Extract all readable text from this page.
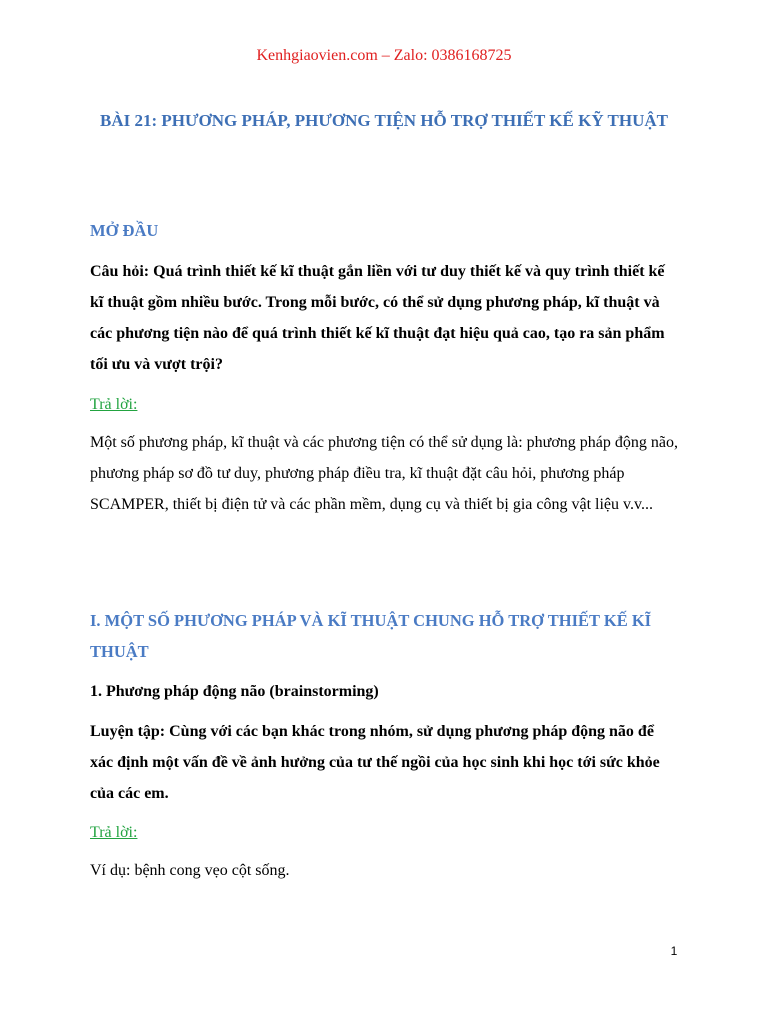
Kenhgiaovien.com – Zalo: 0386168725
BÀI 21: PHƯƠNG PHÁP, PHƯƠNG TIỆN HỖ TRỢ THIẾT KẾ KỸ THUẬT
MỞ ĐẦU
Câu hỏi: Quá trình thiết kế kĩ thuật gắn liền với tư duy thiết kế và quy trình thiết kế kĩ thuật gồm nhiều bước. Trong mỗi bước, có thể sử dụng phương pháp, kĩ thuật và các phương tiện nào để quá trình thiết kế kĩ thuật đạt hiệu quả cao, tạo ra sản phẩm tối ưu và vượt trội?
Trả lời:
Một số phương pháp, kĩ thuật và các phương tiện có thể sử dụng là: phương pháp động não, phương pháp sơ đồ tư duy, phương pháp điều tra, kĩ thuật đặt câu hỏi, phương pháp SCAMPER, thiết bị điện tử và các phần mềm, dụng cụ và thiết bị gia công vật liệu v.v...
I. MỘT SỐ PHƯƠNG PHÁP VÀ KĨ THUẬT CHUNG HỖ TRỢ THIẾT KẾ KĨ THUẬT
1. Phương pháp động não (brainstorming)
Luyện tập: Cùng với các bạn khác trong nhóm, sử dụng phương pháp động não để xác định một vấn đề về ảnh hưởng của tư thế ngồi của học sinh khi học tới sức khỏe của các em.
Trả lời:
Ví dụ: bệnh cong vẹo cột sống.
1
